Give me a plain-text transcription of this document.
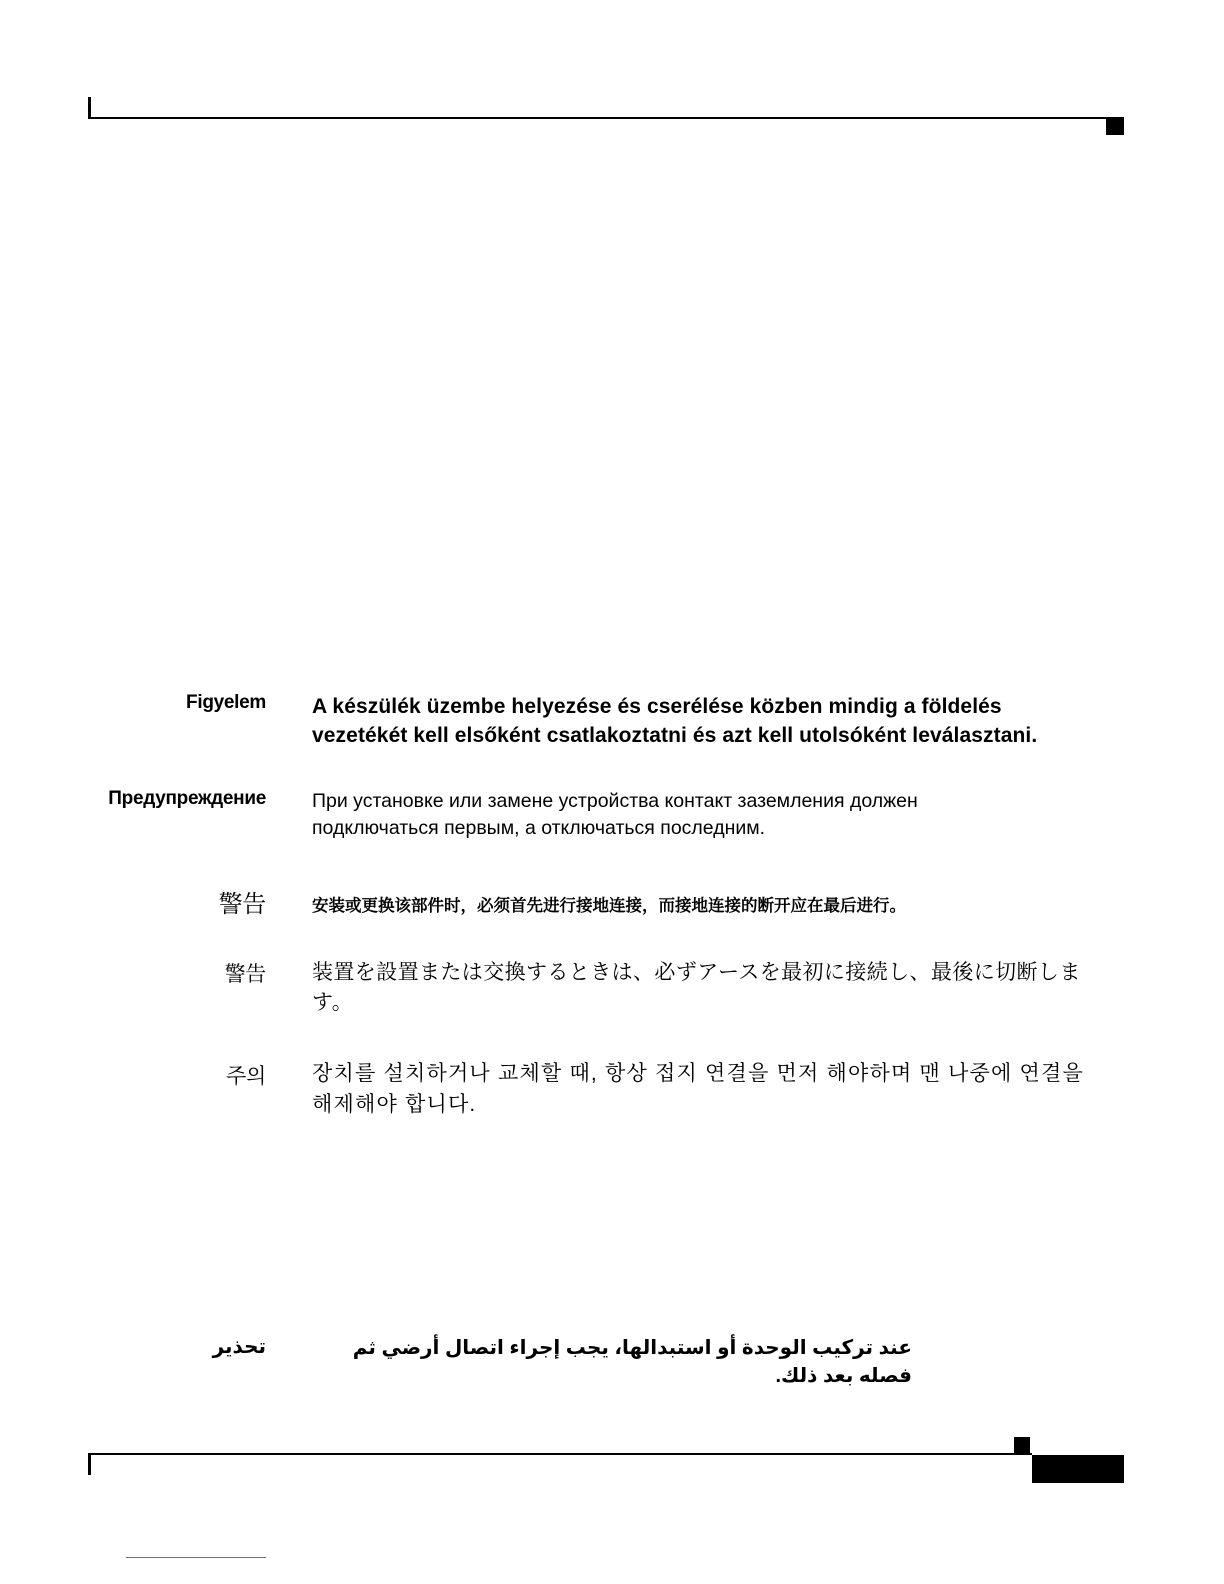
Figyelem A készülék üzembe helyezése és cserélése közben mindig a földelés vezetékét kell elsőként csatlakoztatni és azt kell utolsóként leválasztani.
Предупреждение При установке или замене устройства контакт заземления должен подключаться первым, а отключаться последним.
警告	安装或更换该部件时，必须首先进行接地连接，而接地连接的断开应在最后进行。
警告 装置を設置または交換するときは、必ずアースを最初に接続し、最後に切断します。
주의 장치를 설치하거나 교체할 때, 항상 접지 연결을 먼저 해야하며 맨 나중에 연결을 해제해야 합니다.
تحذير	عند تركيب الوحدة أو استبدالها، يجب إجراء اتصال أرضي ثم فصله بعد ذلك.
